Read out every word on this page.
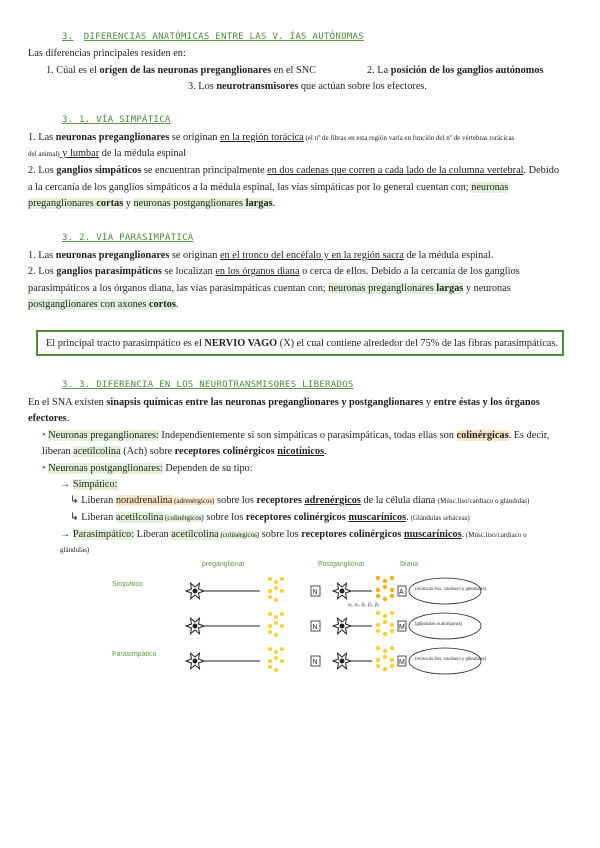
3. DIFERENCIAS ANATÓMICAS ENTRE LAS V. ÍAS AUTÓNOMAS
Las diferencias principales residen en:
1. Cúal es el origen de las neuronas preganglionares en el SNC	2. La posición de los ganglios autónomos
3. Los neurotransmisores que actúan sobre los efectores.
3. 1. VÍA SIMPÁTICA
1. Las neuronas preganglionares se originan en la región torácica (el nº de fibras en esta región varía en función del nº de vértebras torácicas
del animal) y lumbar de la médula espinal
2. Los ganglios simpáticos se encuentran principalmente en dos cadenas que corren a cada lado de la columna vertebral. Debido
a la cercanía de los ganglios simpáticos a la médula espinal, las vías simpáticas por lo general cuentan con; neuronas
preganglionares cortas y neuronas postganglionares largas.
3. 2. VÍA PARASIMPÁTICA
1. Las neuronas preganglionares se originan en el tronco del encéfalo y en la región sacra de la médula espinal.
2. Los ganglios parasimpáticos se localizan en los órganos diana o cerca de ellos. Debido a la cercanía de los ganglios
parasimpáticos a los órganos diana, las vías parasimpáticas cuentan con; neuronas preganglionares largas y neuronas
postganglionares con axones cortos.
El principal tracto parasimpático es el NERVIO VAGO (X) el cual contiene alrededor del 75% de las fibras parasimpáticas.
3. 3. DIFERENCIA EN LOS NEUROTRANSMISORES LIBERADOS
En el SNA existen sinapsis químicas entre las neuronas preganglionares y postganglionares y entre éstas y los órganos
efectores.
• Neuronas preganglionares: Independientemente si son simpáticas o parasimpáticas, todas ellas son colinérgicas. Es decir,
liberan acetilcolina (Ach) sobre receptores colinérgicos nicotínicos.
• Neuronas postganglionares: Dependen de su tipo:
→ Simpático:
↳ Liberan noradrenalina (adrenérgicos) sobre los receptores adrenérgicos de la célula diana (Músc.liso/cardiaco o glándulas)
↳ Liberan acetilcolina (colinérgicos) sobre los receptores colinérgicos muscarínicos. (Glándulas sebáceas)
→ Parasimpático: Liberan acetilcolina (colinérgicos) sobre los receptores colinérgicos muscarínicos. (Músc.liso/cardiaco o
glándulas)
preganglionar	Postganglionar	Diana
Simpático
Parasimpático
N	A
(músculo liso, cardiaco y glándulas)
N	M
(glándulas sudoríparas)
N	M
(músculo liso, cardiaco y glándulas)
α₁, α₂, β₁, β₂, β₃
